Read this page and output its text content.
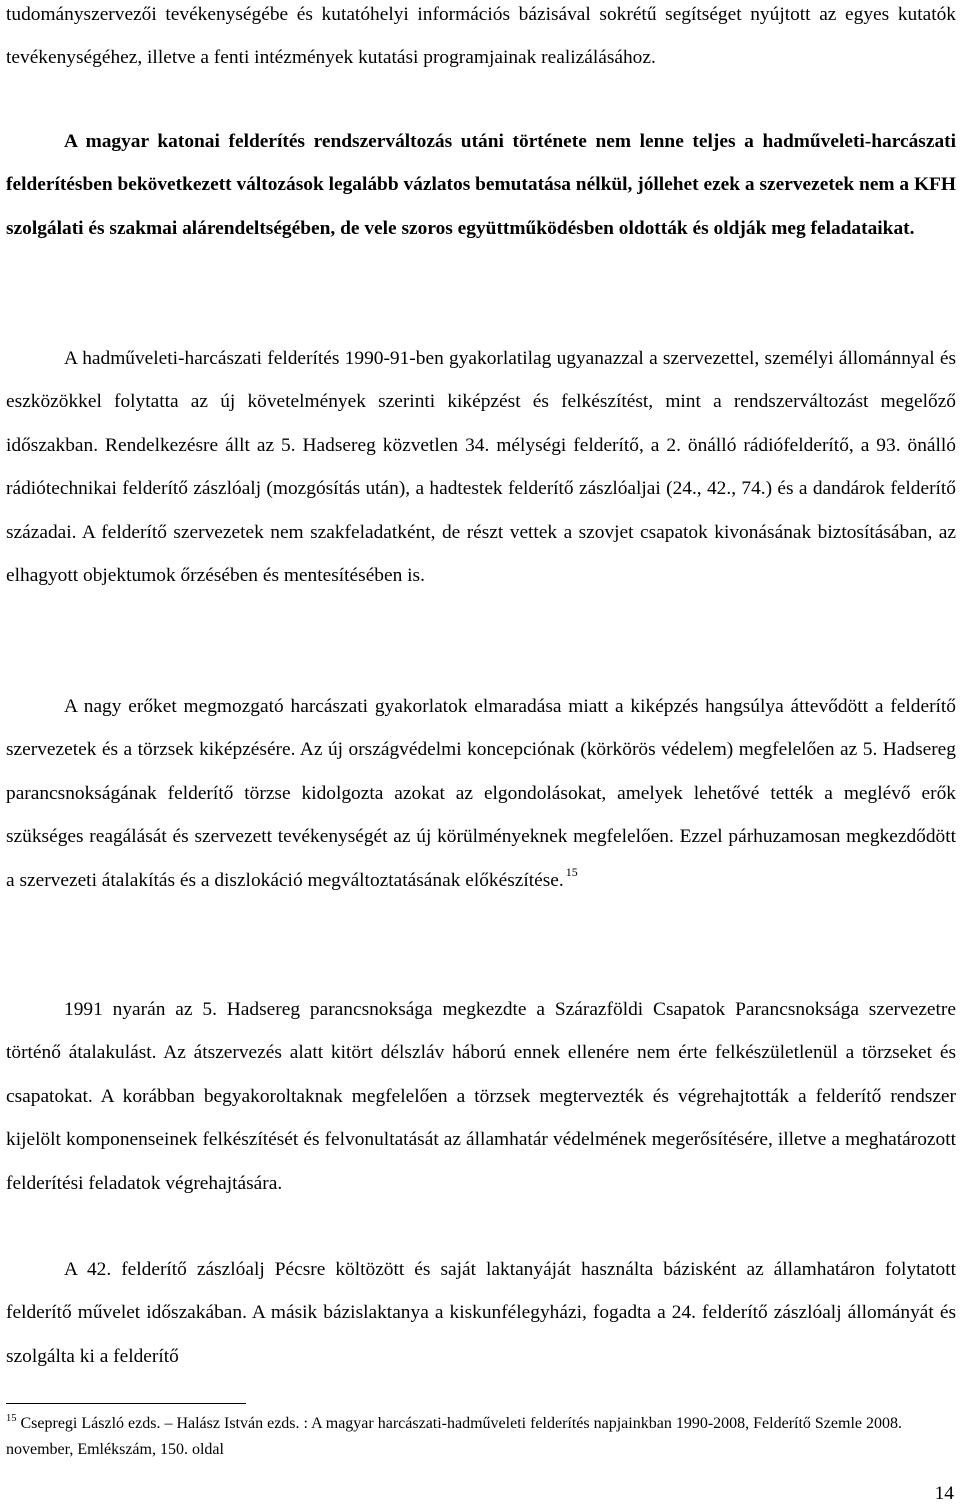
tudományszervezői tevékenységébe és kutatóhelyi információs bázisával sokrétű segítséget nyújtott az egyes kutatók tevékenységéhez, illetve a fenti intézmények kutatási programjainak realizálásához.

A magyar katonai felderítés rendszerváltozás utáni története nem lenne teljes a hadműveleti-harcászati felderítésben bekövetkezett változások legalább vázlatos bemutatása nélkül, jóllehet ezek a szervezetek nem a KFH szolgálati és szakmai alárendeltségében, de vele szoros együttműködésben oldották és oldják meg feladataikat.

A hadműveleti-harcászati felderítés 1990-91-ben gyakorlatilag ugyanazzal a szervezettel, személyi állománnyal és eszközökkel folytatta az új követelmények szerinti kiképzést és felkészítést, mint a rendszerváltozást megelőző időszakban. Rendelkezésre állt az 5. Hadsereg közvetlen 34. mélységi felderítő, a 2. önálló rádiófelderítő, a 93. önálló rádiótechnikai felderítő zászlóalj (mozgósítás után), a hadtestek felderítő zászlóaljai (24., 42., 74.) és a dandárok felderítő századai. A felderítő szervezetek nem szakfeladatként, de részt vettek a szovjet csapatok kivonásának biztosításában, az elhagyott objektumok őrzésében és mentesítésében is.

A nagy erőket megmozgató harcászati gyakorlatok elmaradása miatt a kiképzés hangsúlya áttevődött a felderítő szervezetek és a törzsek kiképzésére. Az új országvédelmi koncepciónak (körkörös védelem) megfelelően az 5. Hadsereg parancsnokságának felderítő törzse kidolgozta azokat az elgondolásokat, amelyek lehetővé tették a meglévő erők szükséges reagálását és szervezett tevékenységét az új körülményeknek megfelelően. Ezzel párhuzamosan megkezdődött a szervezeti átalakítás és a diszlokáció megváltoztatásának előkészítése. $^{15}$

1991 nyarán az 5. Hadsereg parancsnoksága megkezdte a Szárazföldi Csapatok Parancsnoksága szervezetre történő átalakulást. Az átszervezés alatt kitört délszláv háború ennek ellenére nem érte felkészületlenül a törzseket és csapatokat. A korábban begyakoroltaknak megfelelően a törzsek megtervezték és végrehajtották a felderítő rendszer kijelölt komponenseinek felkészítését és felvonultatását az államhatár védelmének megerősítésére, illetve a meghatározott felderítési feladatok végrehajtására.

A 42. felderítő zászlóalj Pécsre költözött és saját laktanyáját használta bázisként az államhatáron folytatott felderítő művelet időszakában. A másik bázislaktanya a kiskunfélegyházi, fogadta a 24. felderítő zászlóalj állományát és szolgálta ki a felderítő

$^{15}$ Csepregi László ezds. – Halász István ezds. : A magyar harcászati-hadműveleti felderítés napjainkban 1990-2008, Felderítő Szemle 2008. november, Emlékszám, 150. oldal

14
